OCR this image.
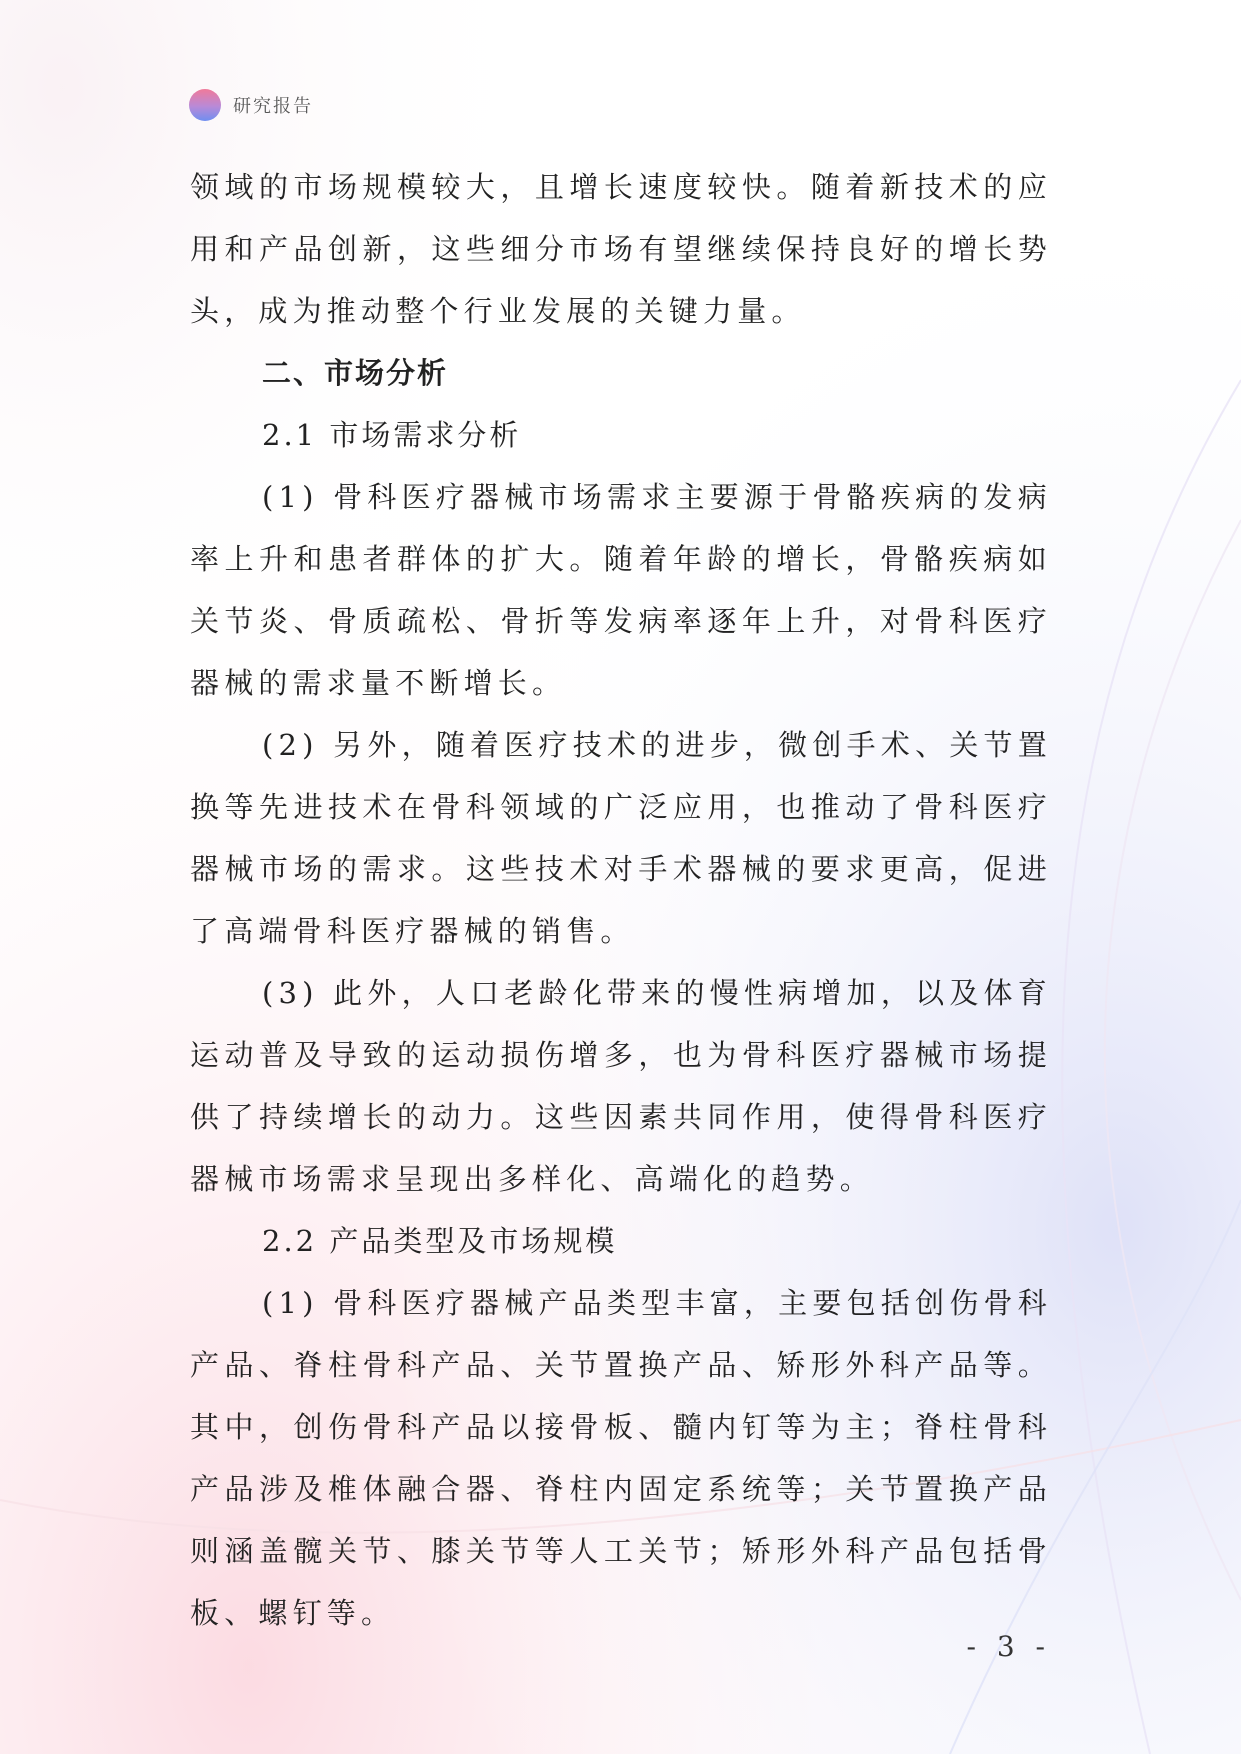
研究报告

领域的市场规模较大，且增长速度较快。随着新技术的应用和产品创新，这些细分市场有望继续保持良好的增长势头，成为推动整个行业发展的关键力量。

二、市场分析

2.1 市场需求分析

(1) 骨科医疗器械市场需求主要源于骨骼疾病的发病率上升和患者群体的扩大。随着年龄的增长，骨骼疾病如关节炎、骨质疏松、骨折等发病率逐年上升，对骨科医疗器械的需求量不断增长。

(2) 另外，随着医疗技术的进步，微创手术、关节置换等先进技术在骨科领域的广泛应用，也推动了骨科医疗器械市场的需求。这些技术对手术器械的要求更高，促进了高端骨科医疗器械的销售。

(3) 此外，人口老龄化带来的慢性病增加，以及体育运动普及导致的运动损伤增多，也为骨科医疗器械市场提供了持续增长的动力。这些因素共同作用，使得骨科医疗器械市场需求呈现出多样化、高端化的趋势。

2.2 产品类型及市场规模

(1) 骨科医疗器械产品类型丰富，主要包括创伤骨科产品、脊柱骨科产品、关节置换产品、矫形外科产品等。其中，创伤骨科产品以接骨板、髓内钉等为主；脊柱骨科产品涉及椎体融合器、脊柱内固定系统等；关节置换产品则涵盖髋关节、膝关节等人工关节；矫形外科产品包括骨板、螺钉等。

- 3 -
